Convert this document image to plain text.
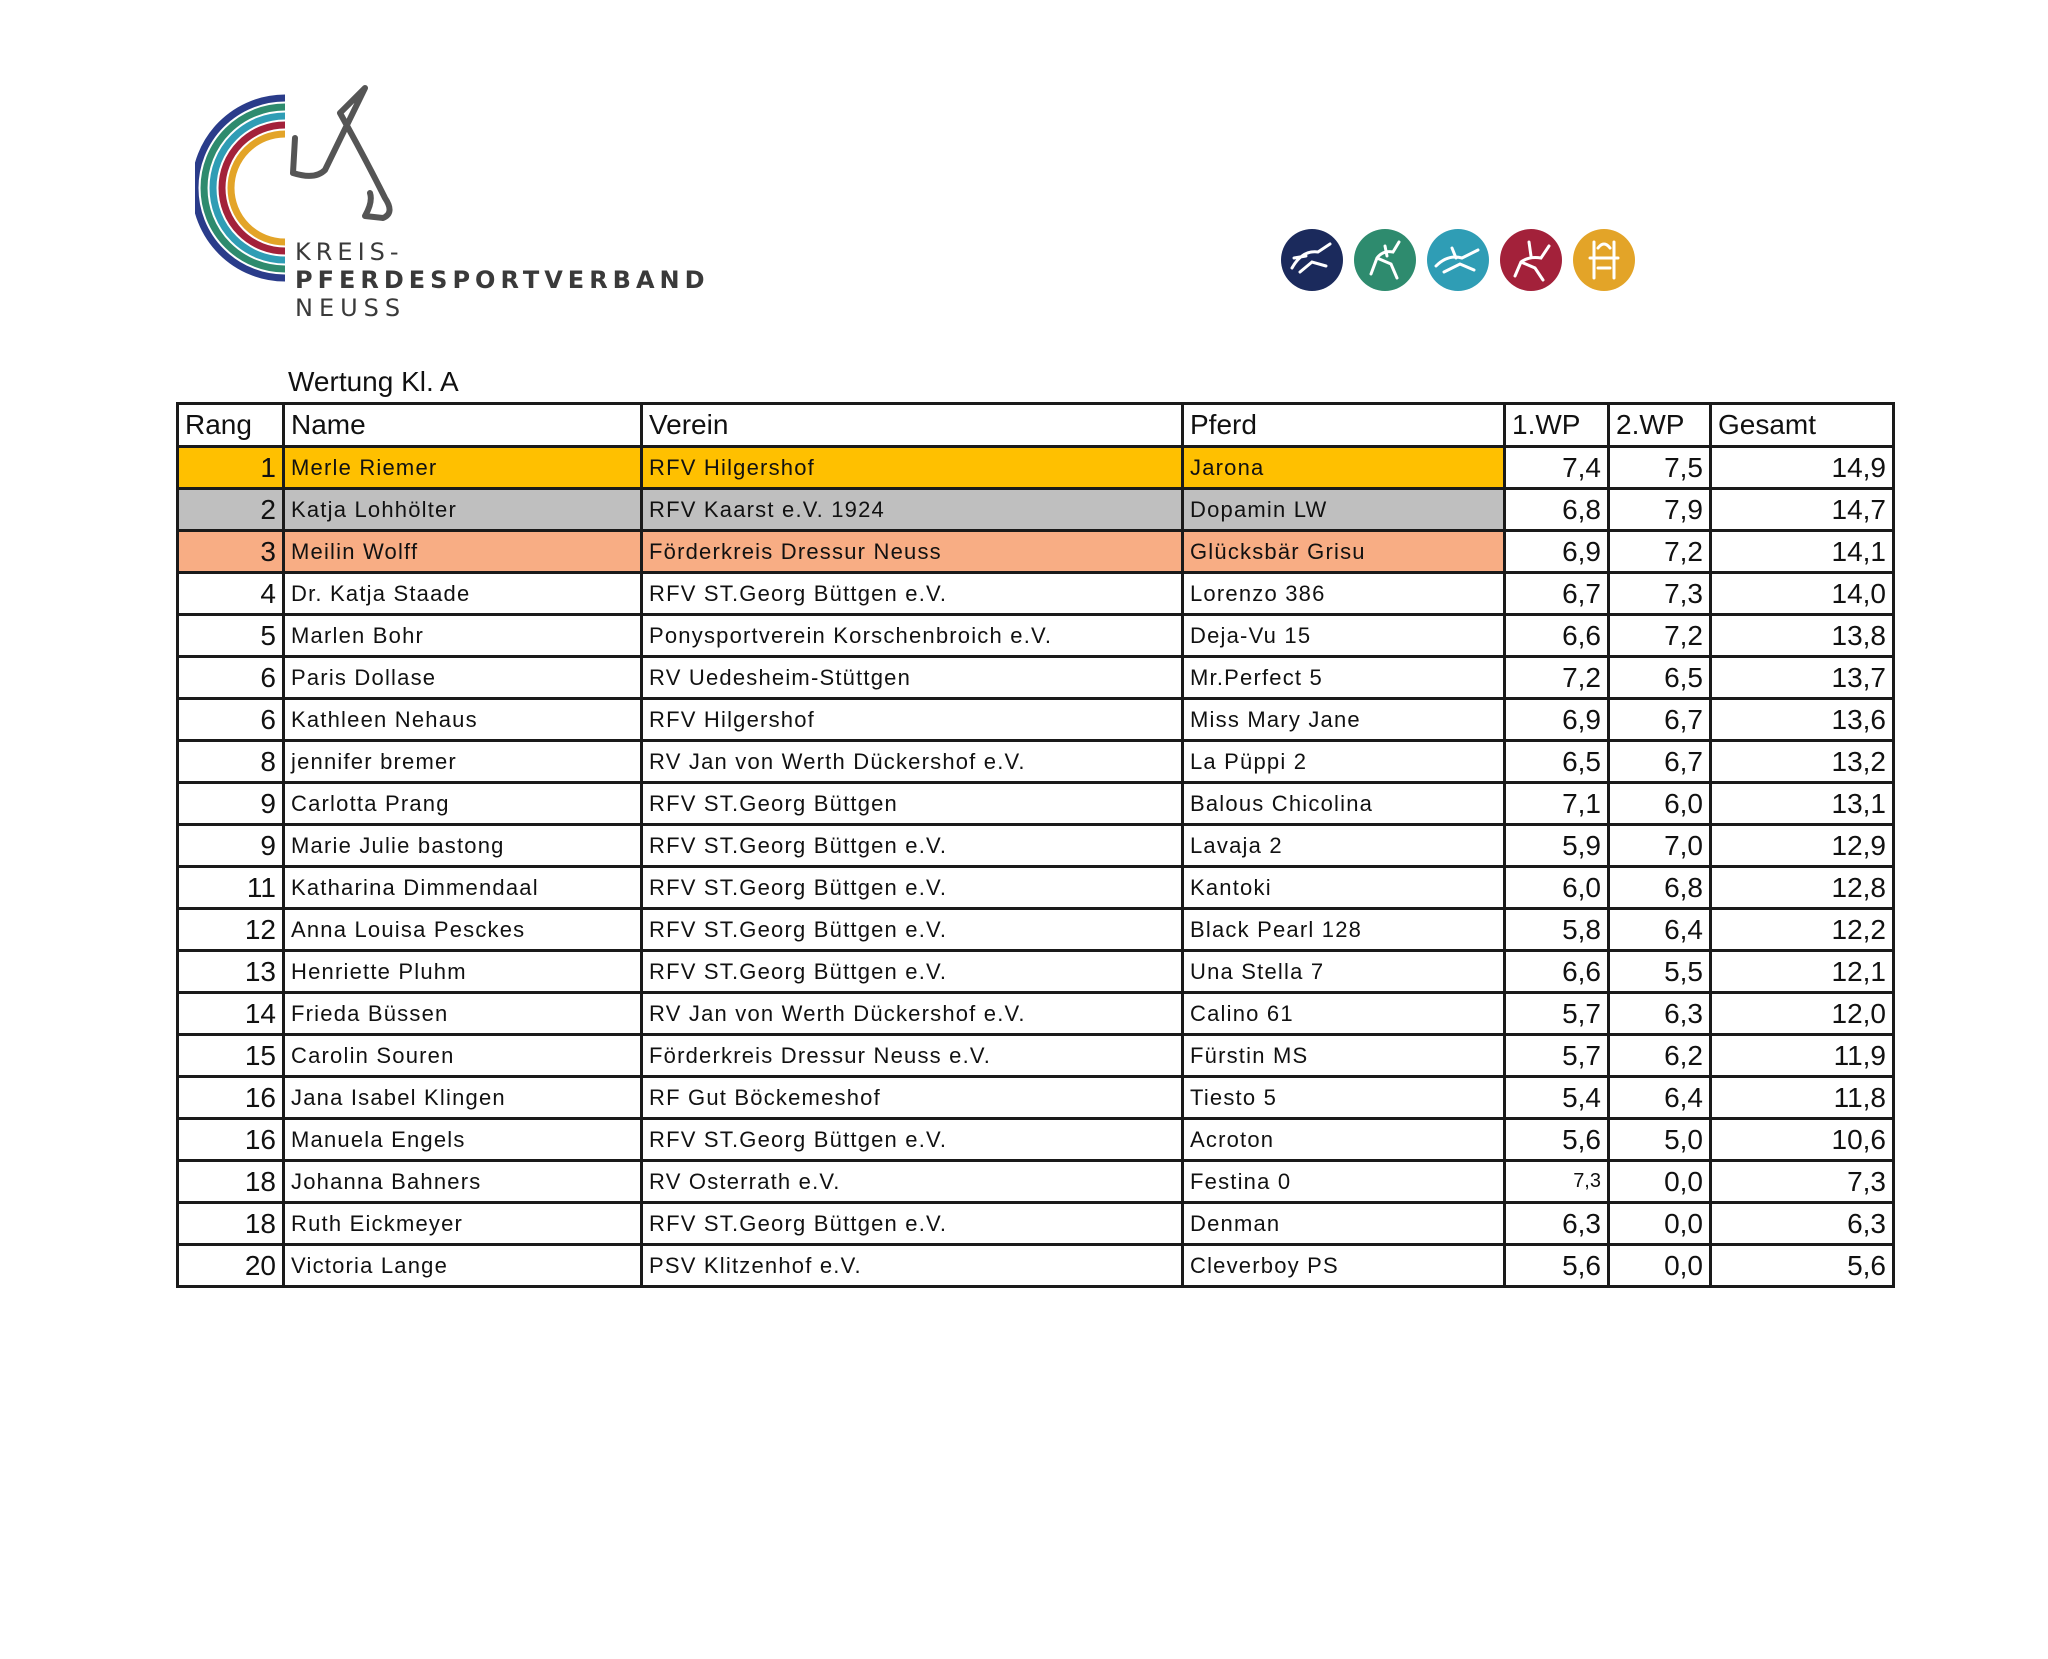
KREIS-PFERDESPORTVERBAND
NEUSS
Wertung Kl. A
Rang	Name	Verein	Pferd	1.WP	2.WP	Gesamt
1	Merle Riemer	RFV Hilgershof	Jarona	7,4	7,5	14,9
2	Katja Lohhölter	RFV Kaarst e.V. 1924	Dopamin LW	6,8	7,9	14,7
3	Meilin Wolff	Förderkreis Dressur Neuss	Glücksbär Grisu	6,9	7,2	14,1
4	Dr. Katja Staade	RFV ST.Georg Büttgen e.V.	Lorenzo 386	6,7	7,3	14,0
5	Marlen Bohr	Ponysportverein Korschenbroich e.V.	Deja-Vu 15	6,6	7,2	13,8
6	Paris Dollase	RV Uedesheim-Stüttgen	Mr.Perfect 5	7,2	6,5	13,7
6	Kathleen Nehaus	RFV Hilgershof	Miss Mary Jane	6,9	6,7	13,6
8	jennifer bremer	RV Jan von Werth Dückershof e.V.	La Püppi 2	6,5	6,7	13,2
9	Carlotta Prang	RFV ST.Georg Büttgen	Balous Chicolina	7,1	6,0	13,1
9	Marie Julie bastong	RFV ST.Georg Büttgen e.V.	Lavaja 2	5,9	7,0	12,9
11	Katharina Dimmendaal	RFV ST.Georg Büttgen e.V.	Kantoki	6,0	6,8	12,8
12	Anna Louisa Pesckes	RFV ST.Georg Büttgen e.V.	Black Pearl 128	5,8	6,4	12,2
13	Henriette Pluhm	RFV ST.Georg Büttgen e.V.	Una Stella 7	6,6	5,5	12,1
14	Frieda Büssen	RV Jan von Werth Dückershof e.V.	Calino 61	5,7	6,3	12,0
15	Carolin Souren	Förderkreis Dressur Neuss e.V.	Fürstin MS	5,7	6,2	11,9
16	Jana Isabel Klingen	RF Gut Böckemeshof	Tiesto 5	5,4	6,4	11,8
16	Manuela Engels	RFV ST.Georg Büttgen e.V.	Acroton	5,6	5,0	10,6
18	Johanna Bahners	RV Osterrath e.V.	Festina 0	7,3	0,0	7,3
18	Ruth Eickmeyer	RFV ST.Georg Büttgen e.V.	Denman	6,3	0,0	6,3
20	Victoria Lange	PSV Klitzenhof e.V.	Cleverboy PS	5,6	0,0	5,6
